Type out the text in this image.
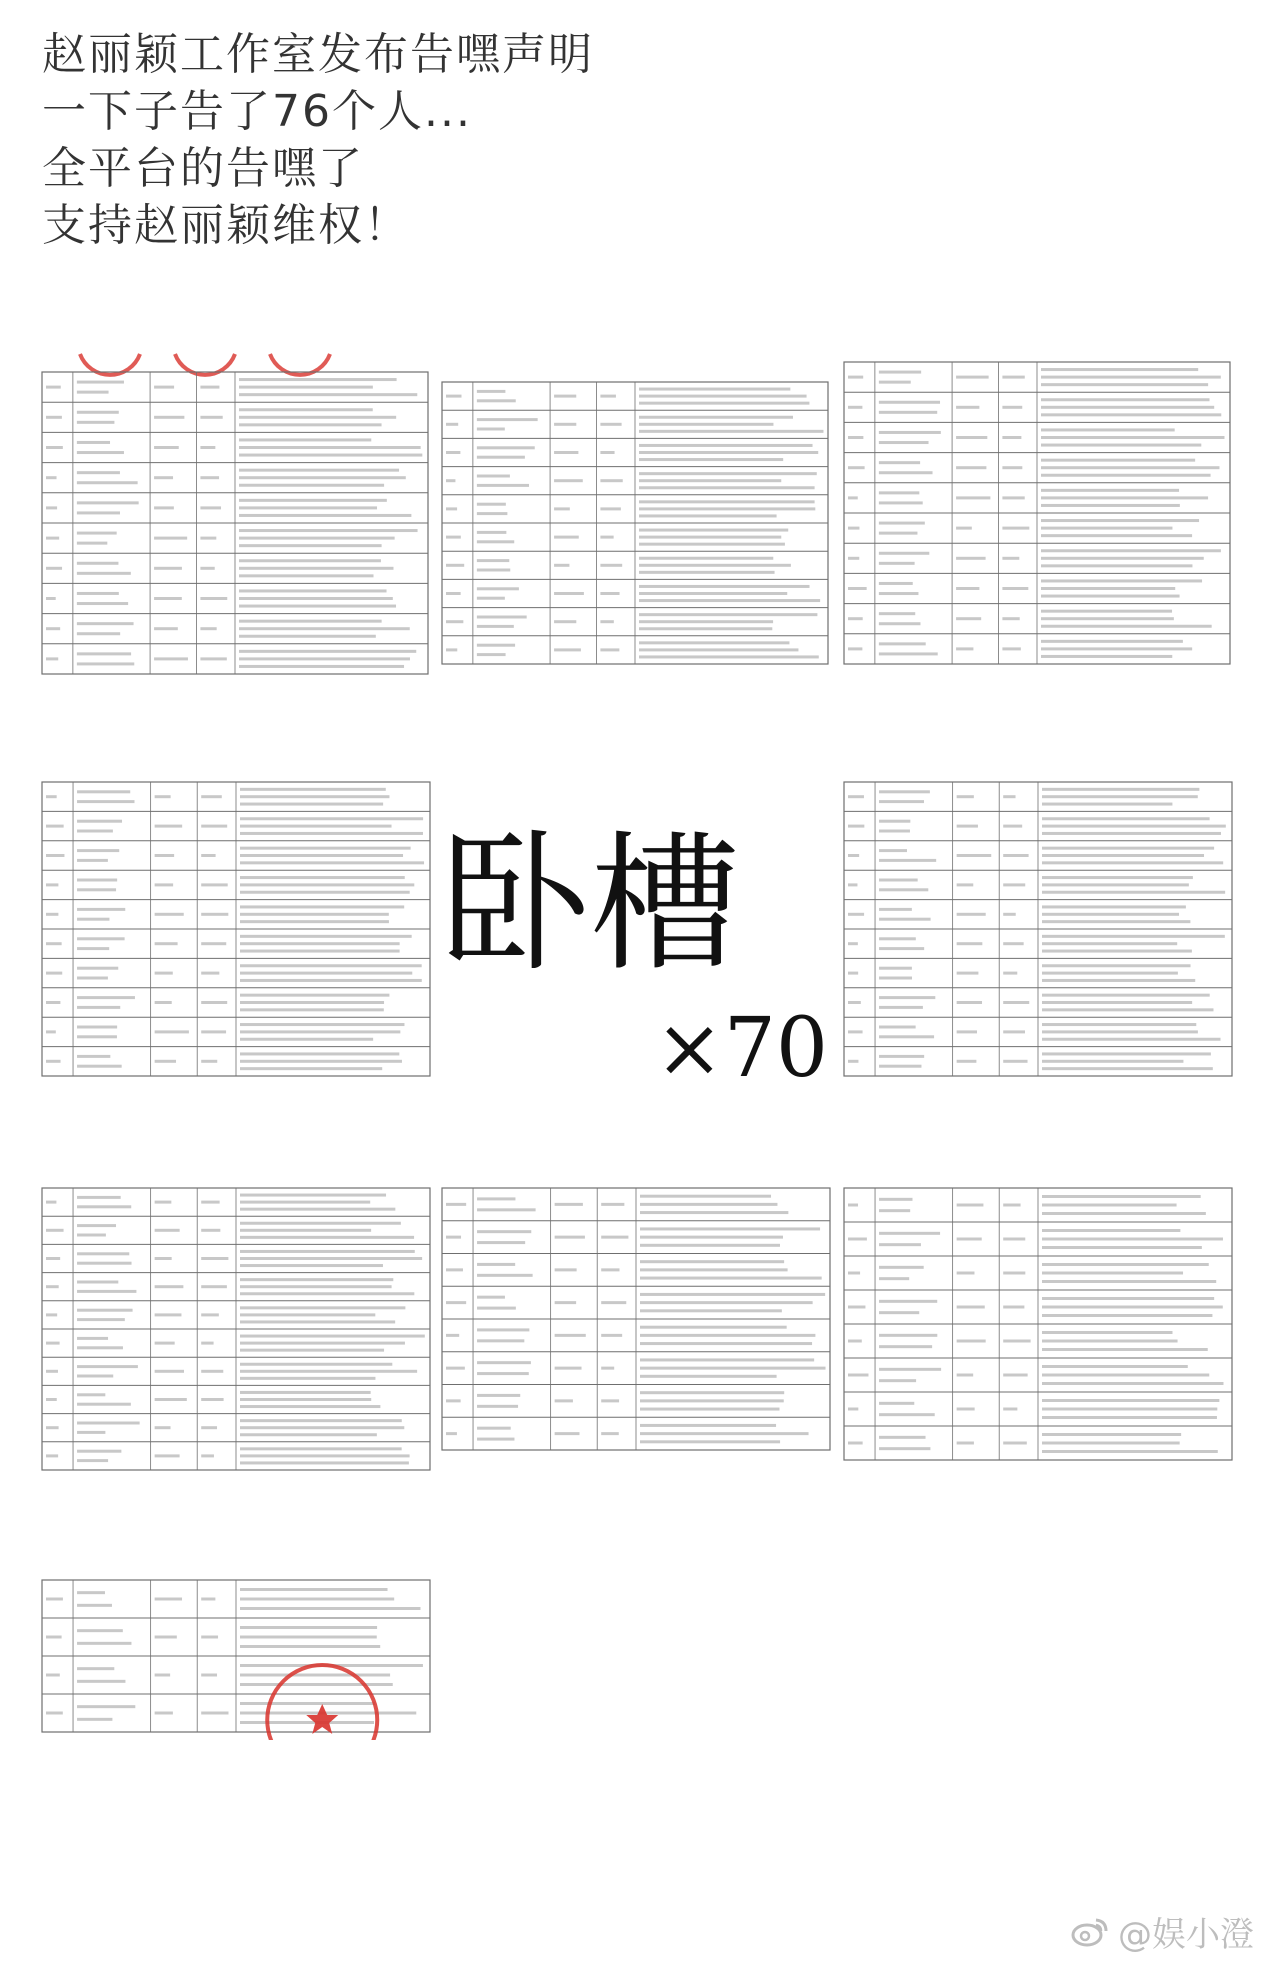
赵丽颖工作室发布告嘿声明
一下子告了76个人...
全平台的告嘿了
支持赵丽颖维权！
卧槽
×70
@娱小澄
